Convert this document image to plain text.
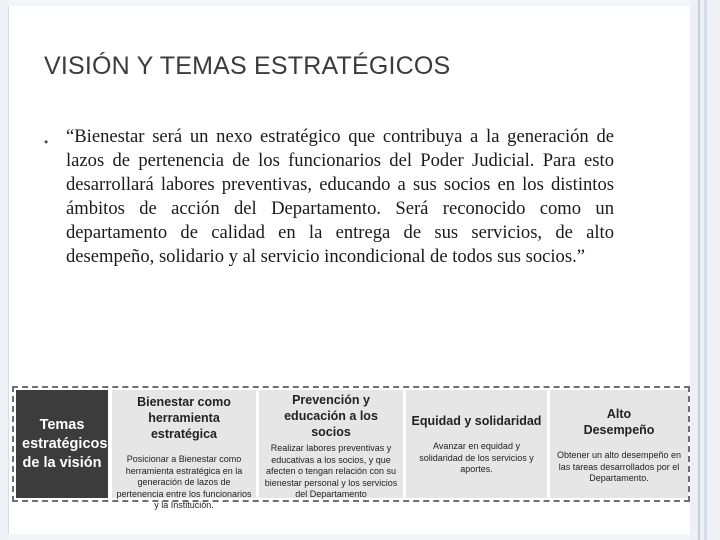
VISIÓN Y TEMAS ESTRATÉGICOS
• “Bienestar será un nexo estratégico que contribuya a la generación de lazos de pertenencia de los funcionarios del Poder Judicial. Para esto desarrollará labores preventivas, educando a sus socios en los distintos ámbitos de acción del Departamento. Será reconocido como un departamento de calidad en la entrega de sus servicios, de alto desempeño, solidario y al servicio incondicional de todos sus socios.”
Temas estratégicos de la visión
Bienestar como herramienta estratégica
Posicionar a Bienestar como herramienta estratégica en la generación de lazos de pertenencia entre los funcionarios y la Institución.
Prevención y educación a los socios
Realizar labores preventivas y educativas a los socios, y que afecten o tengan relación con su bienestar personal y los servicios del Departamento
Equidad y solidaridad
Avanzar en equidad y solidaridad de los servicios y aportes.
Alto Desempeño
Obtener un alto desempeño en las tareas desarrollados por el Departamento.
